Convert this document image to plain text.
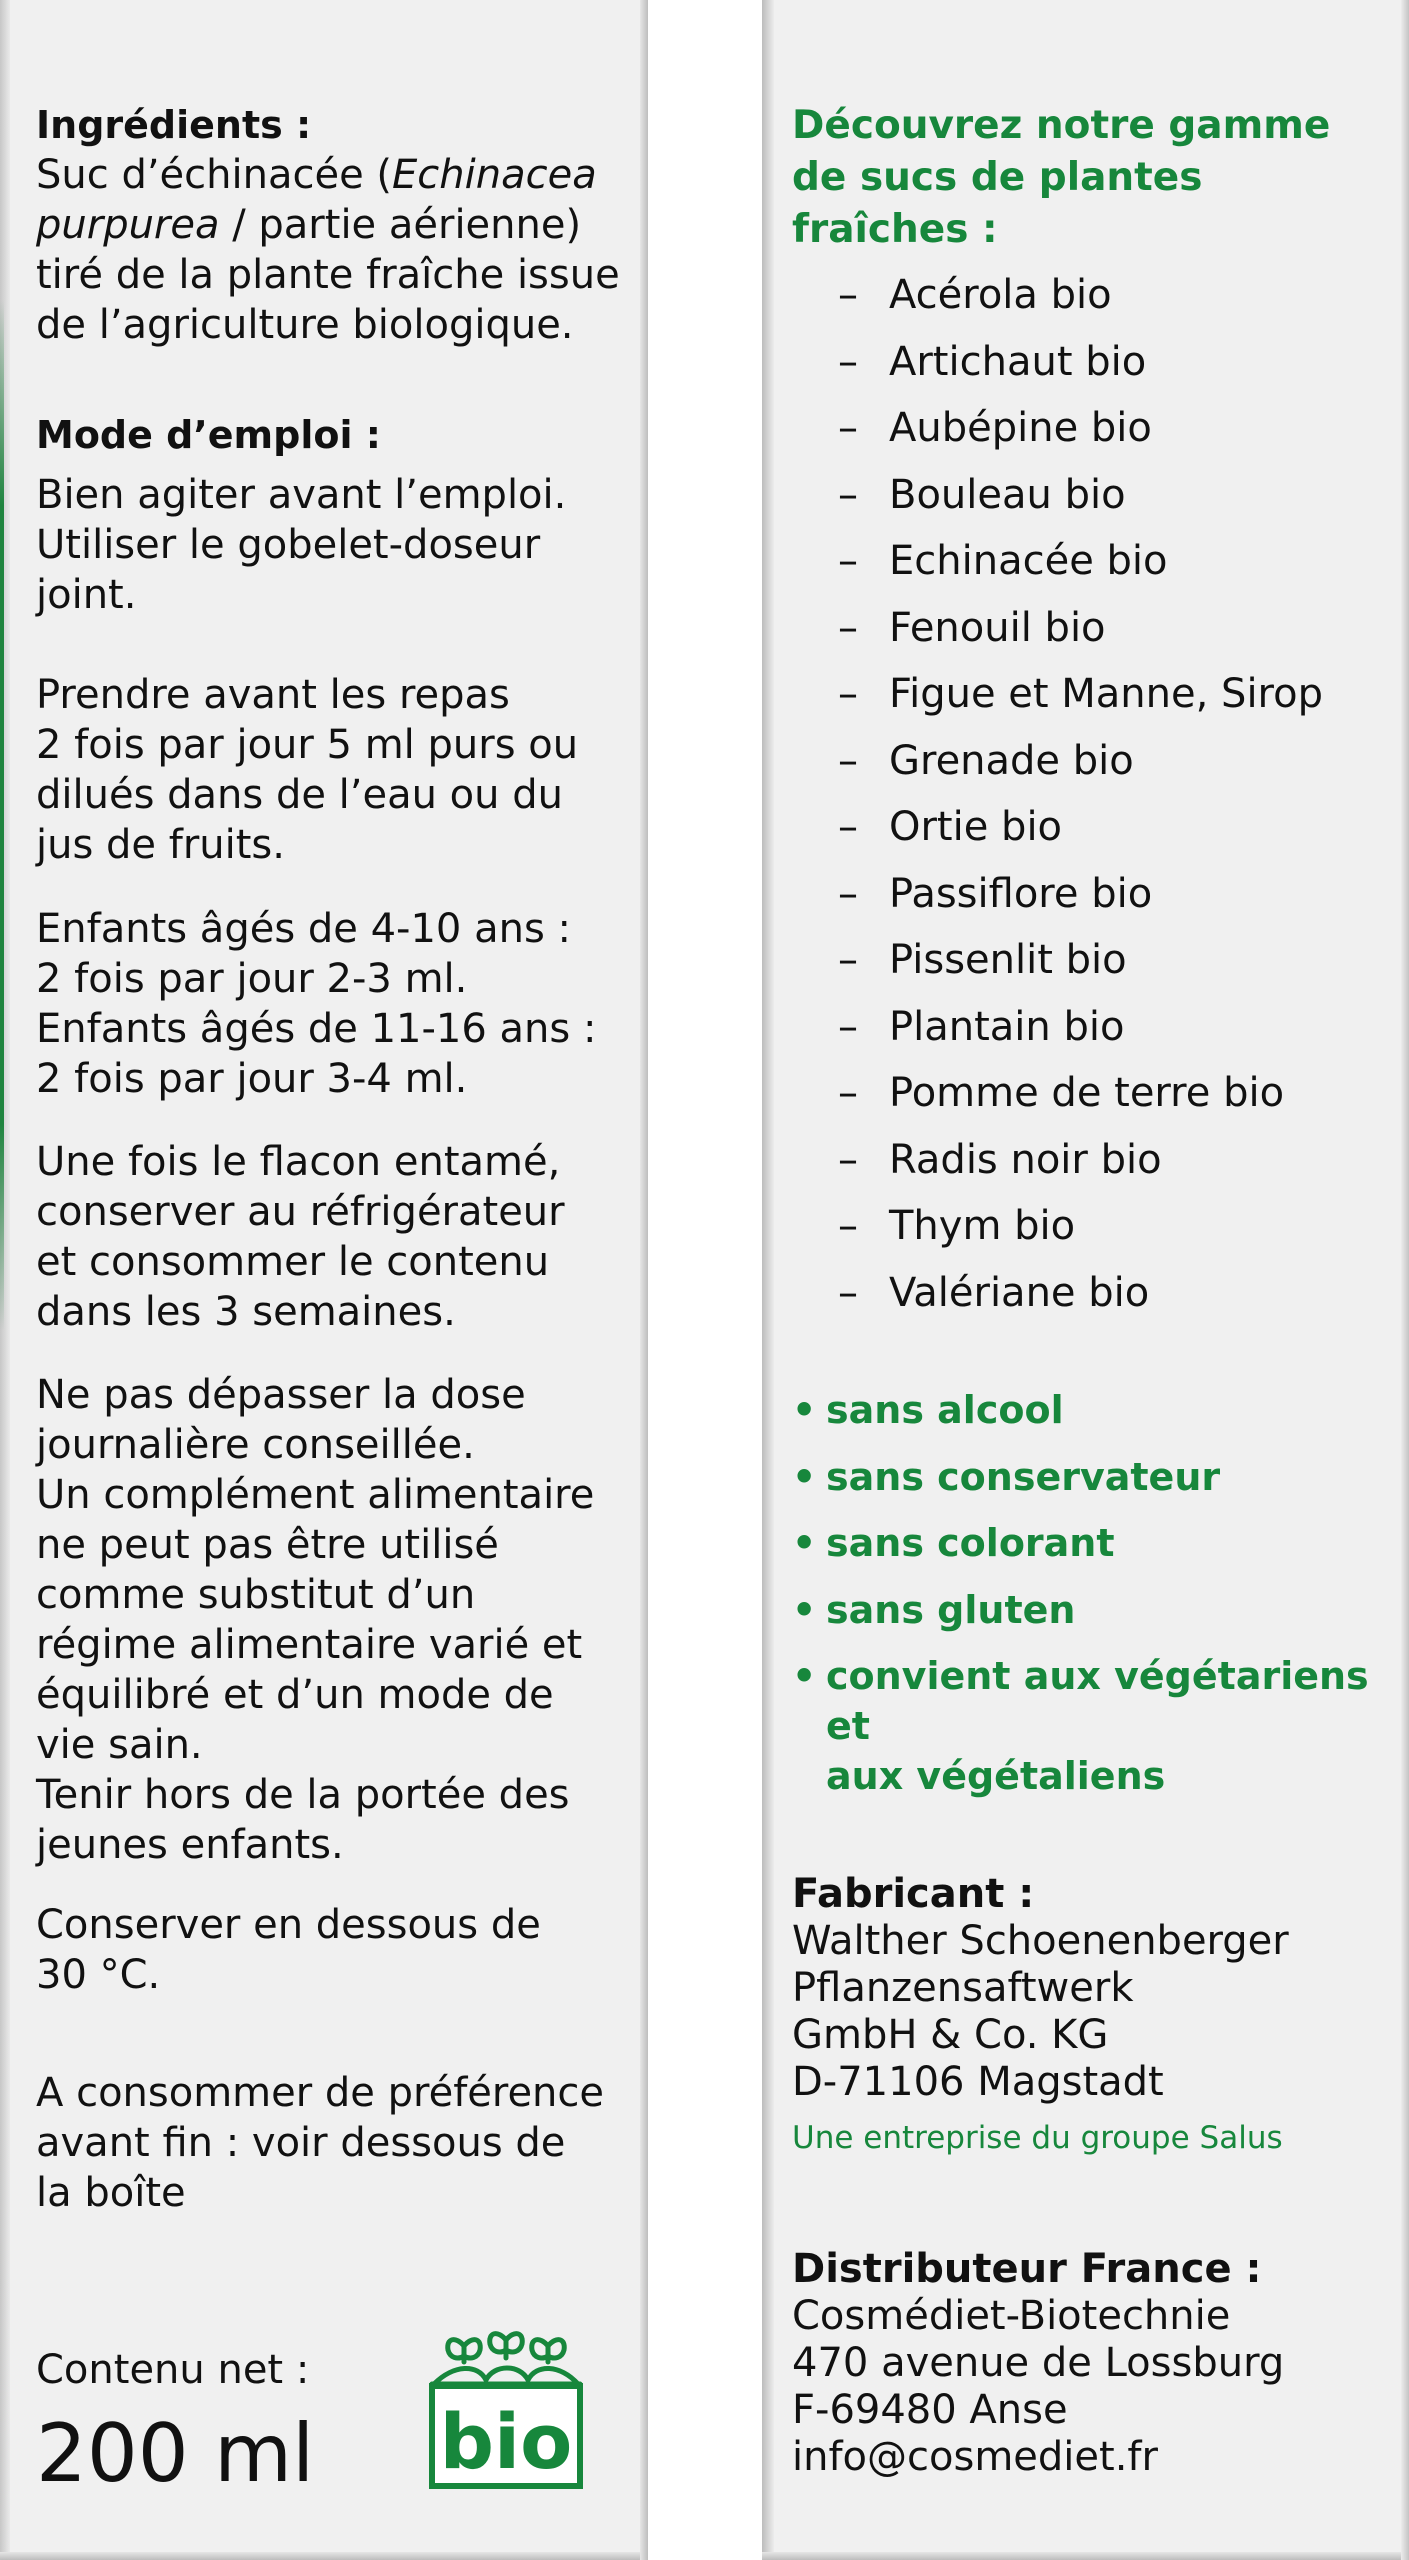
Ingrédients :

Suc d’échinacée (Echinacea
purpurea / partie aérienne)
tiré de la plante fraîche issue
de l’agriculture biologique.

Mode d’emploi :

Bien agiter avant l’emploi.
Utiliser le gobelet-doseur
joint.

Prendre avant les repas
2 fois par jour 5 ml purs ou
dilués dans de l’eau ou du
jus de fruits.

Enfants âgés de 4-10 ans :
2 fois par jour 2-3 ml.
Enfants âgés de 11-16 ans :
2 fois par jour 3-4 ml.

Une fois le flacon entamé,
conserver au réfrigérateur
et consommer le contenu
dans les 3 semaines.

Ne pas dépasser la dose
journalière conseillée.
Un complément alimentaire
ne peut pas être utilisé
comme substitut d’un
régime alimentaire varié et
équilibré et d’un mode de
vie sain.
Tenir hors de la portée des
jeunes enfants.

Conserver en dessous de
30 °C.

A consommer de préférence
avant fin : voir dessous de
la boîte

Contenu net :
200 ml	bio

Découvrez notre gamme
de sucs de plantes
fraîches :

– Acérola bio
– Artichaut bio
– Aubépine bio
– Bouleau bio
– Echinacée bio
– Fenouil bio
– Figue et Manne, Sirop
– Grenade bio
– Ortie bio
– Passiflore bio
– Pissenlit bio
– Plantain bio
– Pomme de terre bio
– Radis noir bio
– Thym bio
– Valériane bio
• sans alcool
• sans conservateur
• sans colorant
• sans gluten
• convient aux végétariens et
aux végétaliens

Fabricant :

Walther Schoenenberger
Pflanzensaftwerk
GmbH & Co. KG
D-71106 Magstadt

Une entreprise du groupe Salus

Distributeur France :

Cosmédiet-Biotechnie
470 avenue de Lossburg
F-69480 Anse
info@cosmediet.fr
